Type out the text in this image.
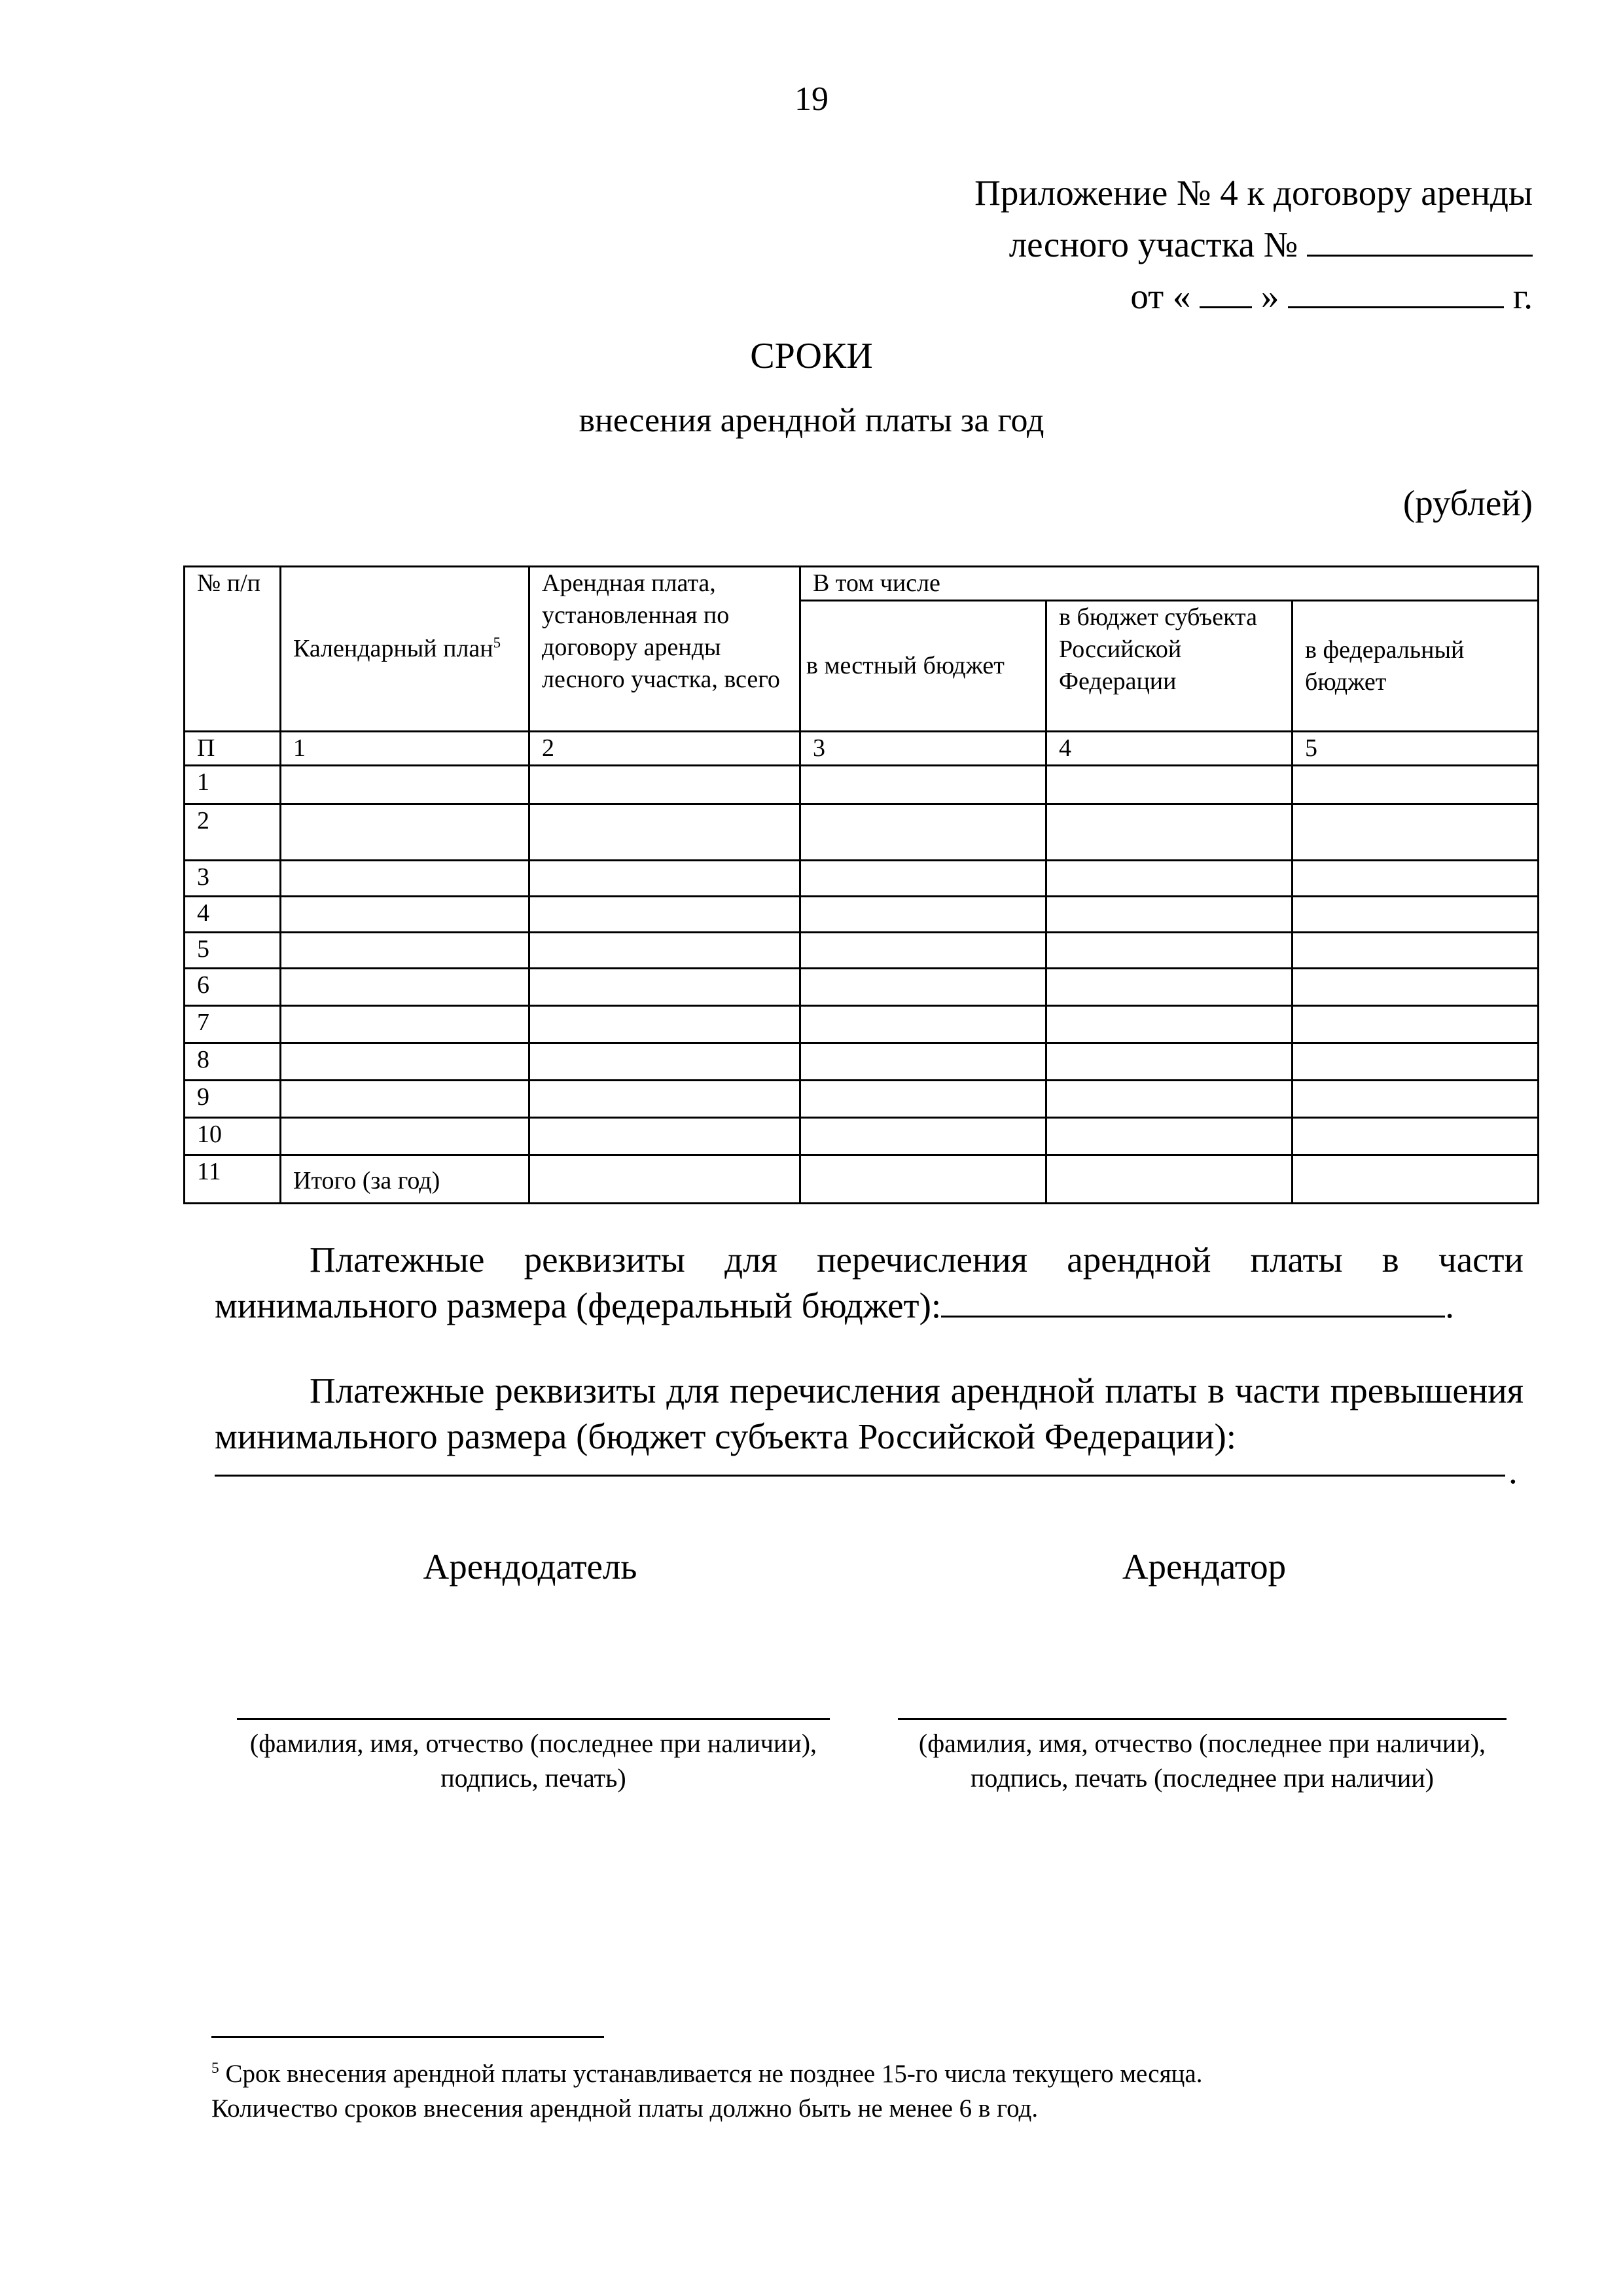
19
Приложение № 4 к договору аренды
лесного участка №
от « »	г.
СРОКИ
внесения арендной платы за год
(рублей)
№ п/п	Календарный план$^5$	Арендная плата, установленная по договору аренды лесного участка, всего	В том числе		
			в местный бюджет	в бюджет субъекта Российской Федерации	в федеральный бюджет
П	1	2	3	4	5
1					
2					
3					
4					
5					
6					
7					
8					
9					
10					
11	Итого (за год)				
Платежные реквизиты для перечисления арендной платы в части минимального размера (федеральный бюджет):	.
Платежные реквизиты для перечисления арендной платы в части превышения минимального размера (бюджет субъекта Российской Федерации):
.
Арендодатель	Арендатор
(фамилия, имя, отчество (последнее при наличии),
подпись, печать)
(фамилия, имя, отчество (последнее при наличии),
подпись, печать (последнее при наличии)
$^5$ Срок внесения арендной платы устанавливается не позднее 15-го числа текущего месяца.
Количество сроков внесения арендной платы должно быть не менее 6 в год.
